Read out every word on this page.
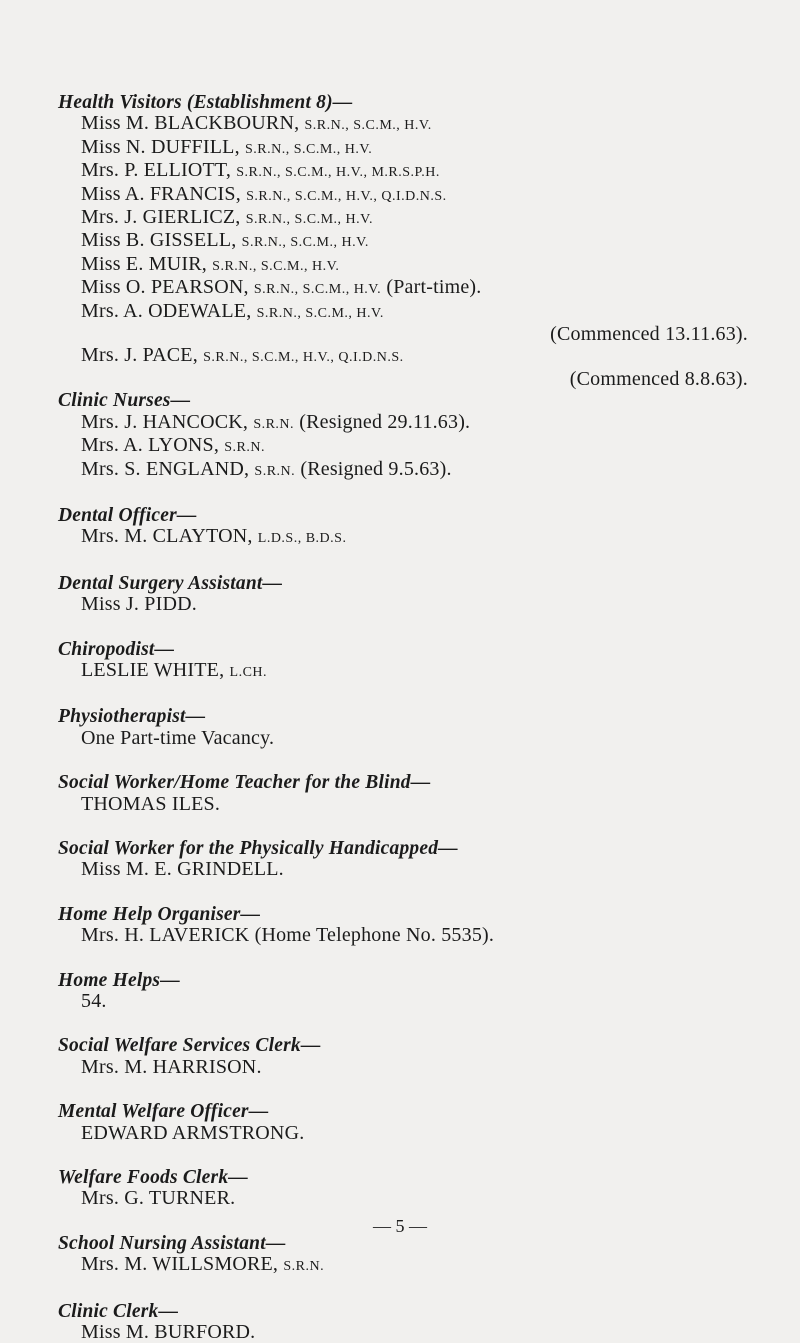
Health Visitors (Establishment 8)—
Miss M. BLACKBOURN, S.R.N., S.C.M., H.V.
Miss N. DUFFILL, S.R.N., S.C.M., H.V.
Mrs. P. ELLIOTT, S.R.N., S.C.M., H.V., M.R.S.P.H.
Miss A. FRANCIS, S.R.N., S.C.M., H.V., Q.I.D.N.S.
Mrs. J. GIERLICZ, S.R.N., S.C.M., H.V.
Miss B. GISSELL, S.R.N., S.C.M., H.V.
Miss E. MUIR, S.R.N., S.C.M., H.V.
Miss O. PEARSON, S.R.N., S.C.M., H.V. (Part-time).
Mrs. A. ODEWALE, S.R.N., S.C.M., H.V.
(Commenced 13.11.63).
Mrs. J. PACE, S.R.N., S.C.M., H.V., Q.I.D.N.S.
(Commenced 8.8.63).
Clinic Nurses—
Mrs. J. HANCOCK, S.R.N. (Resigned 29.11.63).
Mrs. A. LYONS, S.R.N.
Mrs. S. ENGLAND, S.R.N. (Resigned 9.5.63).
Dental Officer—
Mrs. M. CLAYTON, L.D.S., B.D.S.
Dental Surgery Assistant—
Miss J. PIDD.
Chiropodist—
LESLIE WHITE, L.CH.
Physiotherapist—
One Part-time Vacancy.
Social Worker/Home Teacher for the Blind—
THOMAS ILES.
Social Worker for the Physically Handicapped—
Miss M. E. GRINDELL.
Home Help Organiser—
Mrs. H. LAVERICK (Home Telephone No. 5535).
Home Helps—
54.
Social Welfare Services Clerk—
Mrs. M. HARRISON.
Mental Welfare Officer—
EDWARD ARMSTRONG.
Welfare Foods Clerk—
Mrs. G. TURNER.
School Nursing Assistant—
Mrs. M. WILLSMORE, S.R.N.
Clinic Clerk—
Miss M. BURFORD.
— 5 —
